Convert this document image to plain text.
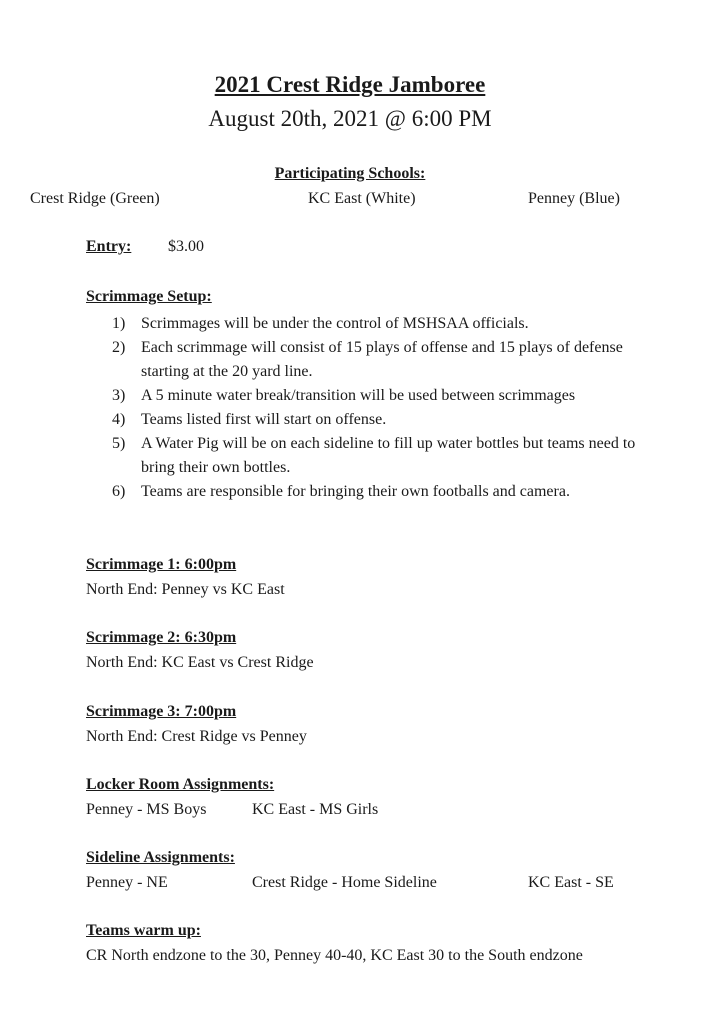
2021 Crest Ridge Jamboree
August 20th, 2021 @ 6:00 PM
Participating Schools:
Crest Ridge (Green)	KC East (White)	Penney (Blue)
Entry: $3.00
Scrimmage Setup:
1) Scrimmages will be under the control of MSHSAA officials.
2) Each scrimmage will consist of 15 plays of offense and 15 plays of defense starting at the 20 yard line.
3) A 5 minute water break/transition will be used between scrimmages
4) Teams listed first will start on offense.
5) A Water Pig will be on each sideline to fill up water bottles but teams need to bring their own bottles.
6) Teams are responsible for bringing their own footballs and camera.
Scrimmage 1: 6:00pm
North End: Penney vs KC East
Scrimmage 2: 6:30pm
North End: KC East vs Crest Ridge
Scrimmage 3: 7:00pm
North End: Crest Ridge vs Penney
Locker Room Assignments:
Penney - MS Boys	KC East - MS Girls
Sideline Assignments:
Penney - NE	Crest Ridge - Home Sideline	KC East - SE
Teams warm up:
CR North endzone to the 30, Penney 40-40, KC East 30 to the South endzone
